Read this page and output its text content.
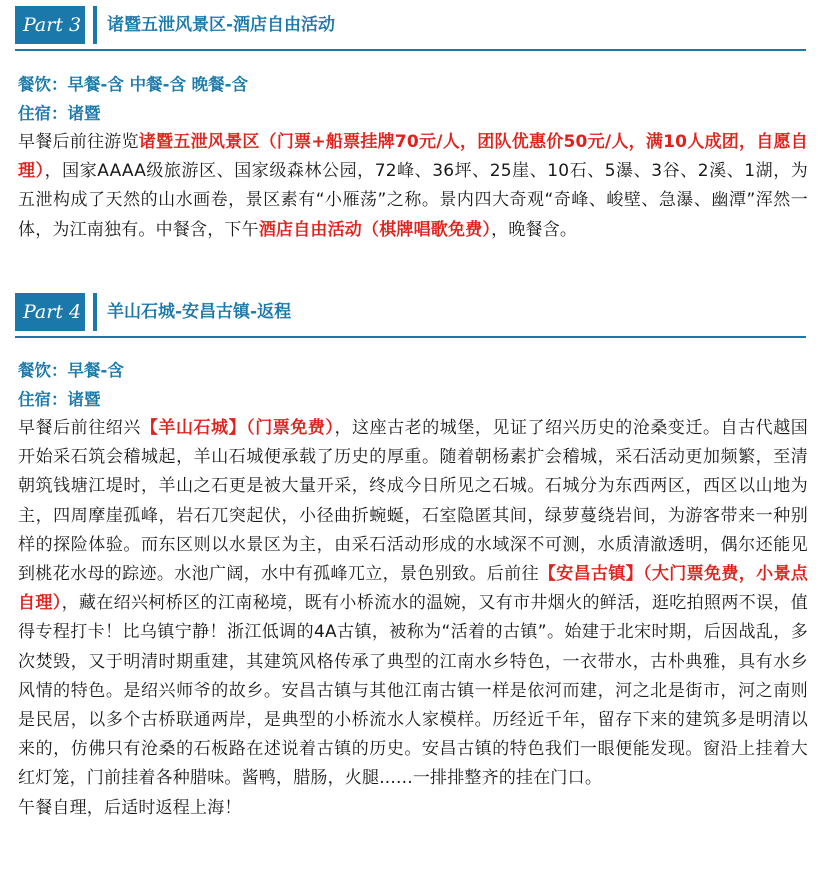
Part 3 诸暨五泄风景区-酒店自由活动
餐饮：早餐-含 中餐-含 晚餐-含
住宿：诸暨
早餐后前往游览诸暨五泄风景区（门票+船票挂牌70元/人，团队优惠价50元/人，满10人成团，自愿自理），国家AAAA级旅游区、国家级森林公园，72峰、36坪、25崖、10石、5瀑、3谷、2溪、1湖，为五泄构成了天然的山水画卷，景区素有“小雁荡”之称。景内四大奇观“奇峰、峻壁、急瀑、幽潭”浑然一体，为江南独有。中餐含，下午酒店自由活动（棋牌唱歌免费），晚餐含。
Part 4 羊山石城-安昌古镇-返程
餐饮：早餐-含
住宿：诸暨
早餐后前往绍兴【羊山石城】（门票免费），这座古老的城堡，见证了绍兴历史的沧桑变迁。自古代越国开始采石筑会稽城起，羊山石城便承载了历史的厚重。随着朝杨素扩会稽城，采石活动更加频繁，至清朝筑钱塘江堤时，羊山之石更是被大量开采，终成今日所见之石城。石城分为东西两区，西区以山地为主，四周摩崖孤峰，岩石兀突起伏，小径曲折蜿蜒，石室隐匿其间，绿萝蔓绕岩间，为游客带来一种别样的探险体验。而东区则以水景区为主，由采石活动形成的水域深不可测，水质清澈透明，偶尔还能见到桃花水母的踪迹。水池广阔，水中有孤峰兀立，景色别致。后前往【安昌古镇】（大门票免费，小景点自理），藏在绍兴柯桥区的江南秘境，既有小桥流水的温婉，又有市井烟火的鲜活，逛吃拍照两不误，值得专程打卡！比乌镇宁静！浙江低调的4A古镇，被称为“活着的古镇”。始建于北宋时期，后因战乱，多次焚毁，又于明清时期重建，其建筑风格传承了典型的江南水乡特色，一衣带水，古朴典雅，具有水乡风情的特色。是绍兴师爷的故乡。安昌古镇与其他江南古镇一样是依河而建，河之北是街市，河之南则是民居，以多个古桥联通两岸，是典型的小桥流水人家模样。历经近千年，留存下来的建筑多是明清以来的，仿佛只有沧桑的石板路在述说着古镇的历史。安昌古镇的特色我们一眼便能发现。窗沿上挂着大红灯笼，门前挂着各种腊味。酱鸭，腊肠，火腿......一排排整齐的挂在门口。
午餐自理，后适时返程上海！
